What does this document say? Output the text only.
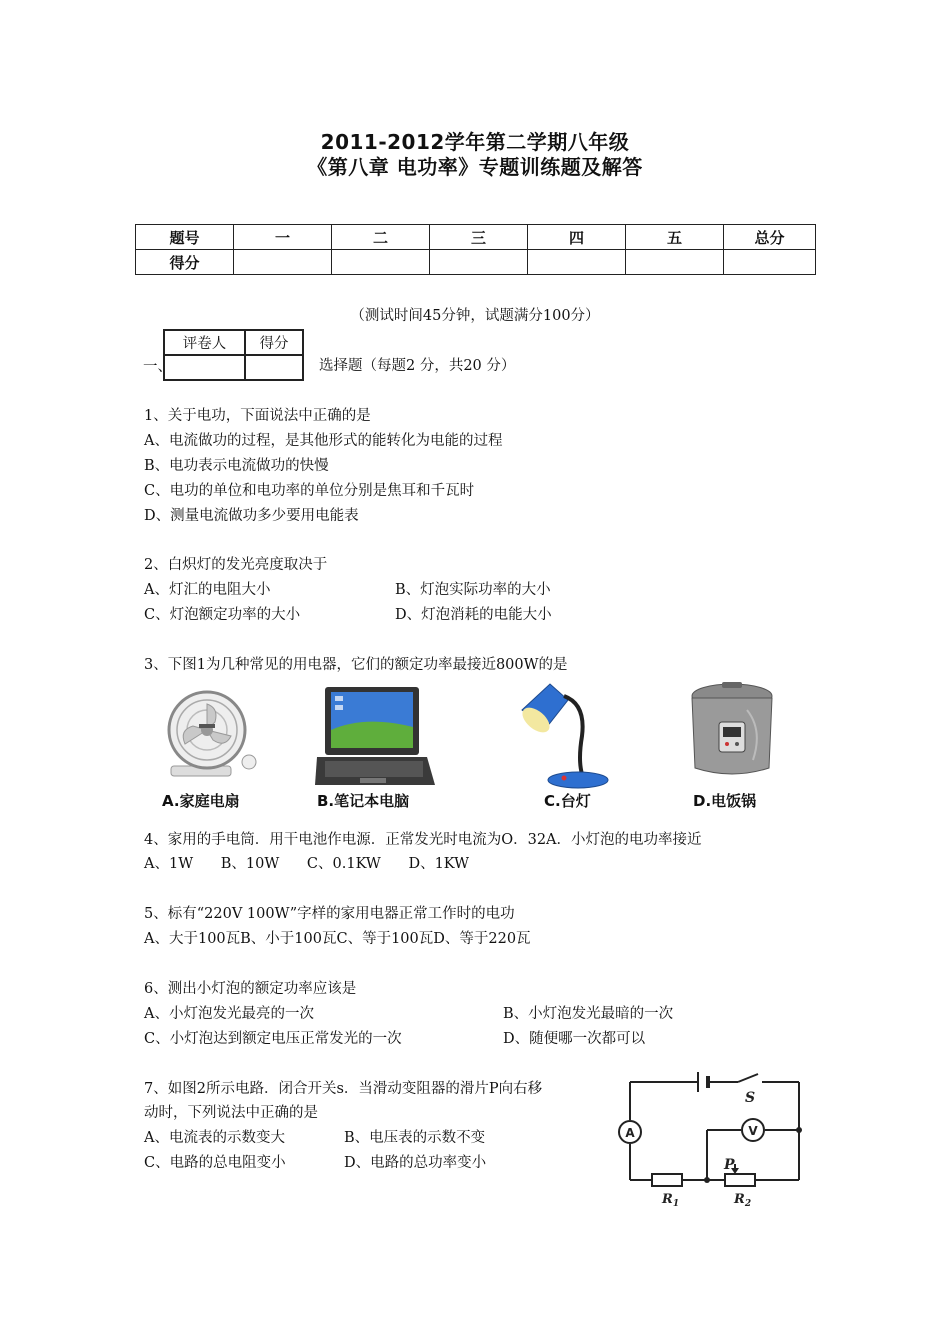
2011-2012学年第二学期八年级
《第八章 电功率》专题训练题及解答
题号	一	二	三	四	五	总分
得分						
（测试时间45分钟，试题满分100分）
评卷人	得分

一、	选择题（每题2 分，共20 分）
1、关于电功，下面说法中正确的是
A、电流做功的过程，是其他形式的能转化为电能的过程
B、电功表示电流做功的快慢
C、电功的单位和电功率的单位分别是焦耳和千瓦时
D、测量电流做功多少要用电能表
2、白炽灯的发光亮度取决于
A、灯汇的电阻大小	B、灯泡实际功率的大小
C、灯泡额定功率的大小	D、灯泡消耗的电能大小
3、下图1为几种常见的用电器，它们的额定功率最接近800W的是
A.家庭电扇	B.笔记本电脑	C.台灯	D.电饭锅
4、家用的手电筒．用干电池作电源．正常发光时电流为O．32A．小灯泡的电功率接近
A、1W      B、10W      C、0.1KW      D、1KW
5、标有“220V 100W”字样的家用电器正常工作时的电功
A、大于100瓦B、小于100瓦C、等于100瓦D、等于220瓦
6、测出小灯泡的额定功率应该是
A、小灯泡发光最亮的一次	B、小灯泡发光最暗的一次
C、小灯泡达到额定电压正常发光的一次	D、随便哪一次都可以
7、如图2所示电路．闭合开关s．当滑动变阻器的滑片P向右移
动时，下列说法中正确的是
A、电流表的示数变大	B、电压表的示数不变
C、电路的总电阻变小	D、电路的总功率变小
S
A	V
P
$R_1$	$R_2$
